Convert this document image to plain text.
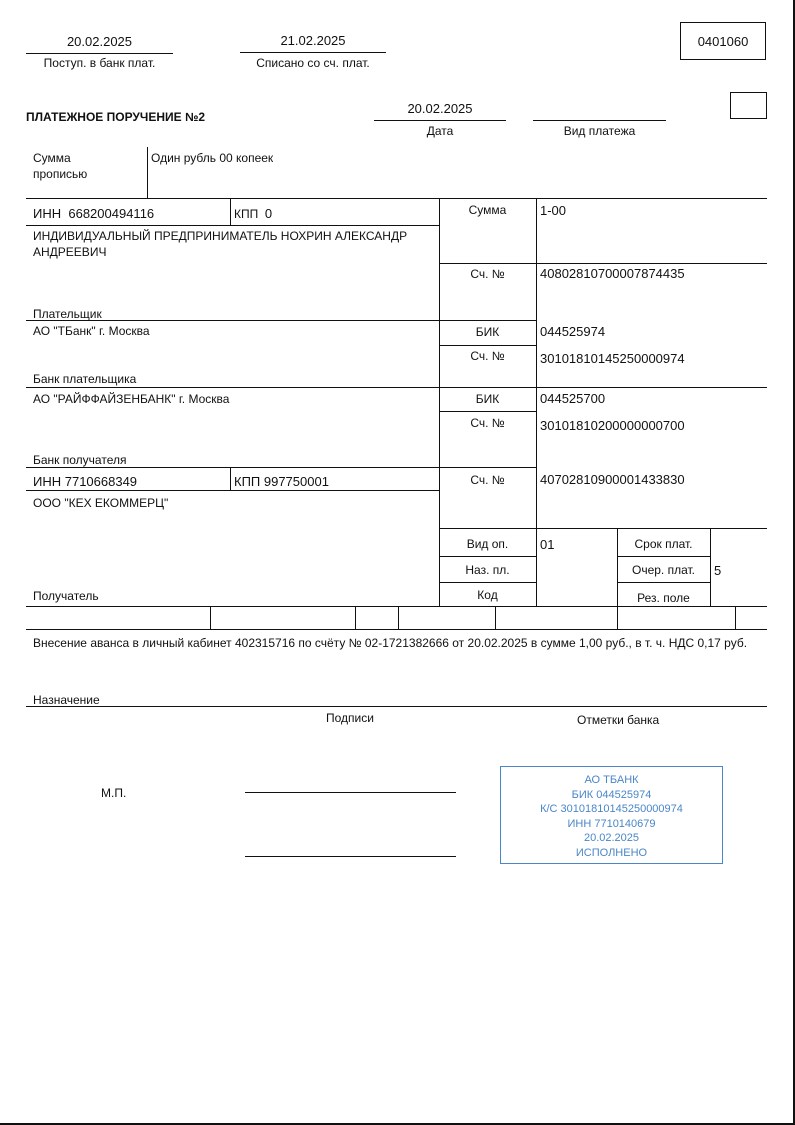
20.02.2025
Поступ. в банк плат.
21.02.2025
Списано со сч. плат.
0401060
ПЛАТЕЖНОЕ ПОРУЧЕНИЕ №2
20.02.2025
Дата	Вид платежа
Сумма
прописью
Один рубль 00 копеек
ИНН 668200494116	КПП 0
ИНДИВИДУАЛЬНЫЙ ПРЕДПРИНИМАТЕЛЬ НОХРИН АЛЕКСАНДР АНДРЕЕВИЧ
Плательщик
Сумма	1-00
Сч. №	40802810700007874435
АО "ТБанк" г. Москва
Банк плательщика
БИК	044525974
Сч. №	30101810145250000974
АО "РАЙФФАЙЗЕНБАНК" г. Москва
Банк получателя
БИК	044525700
Сч. №	30101810200000000700
ИНН 7710668349	КПП 997750001
ООО "КЕХ ЕКОММЕРЦ"
Получатель
Сч. №	40702810900001433830
Вид оп.	01
Наз. пл.
Код
Срок плат.
Очер. плат.	5
Рез. поле
Внесение аванса в личный кабинет 402315716 по счёту № 02-1721382666 от 20.02.2025 в сумме 1,00 руб., в т. ч. НДС 0,17 руб.
Назначение
Подписи	Отметки банка
М.П.
АО ТБАНК
БИК 044525974
К/С 30101810145250000974
ИНН 7710140679
20.02.2025
ИСПОЛНЕНО
